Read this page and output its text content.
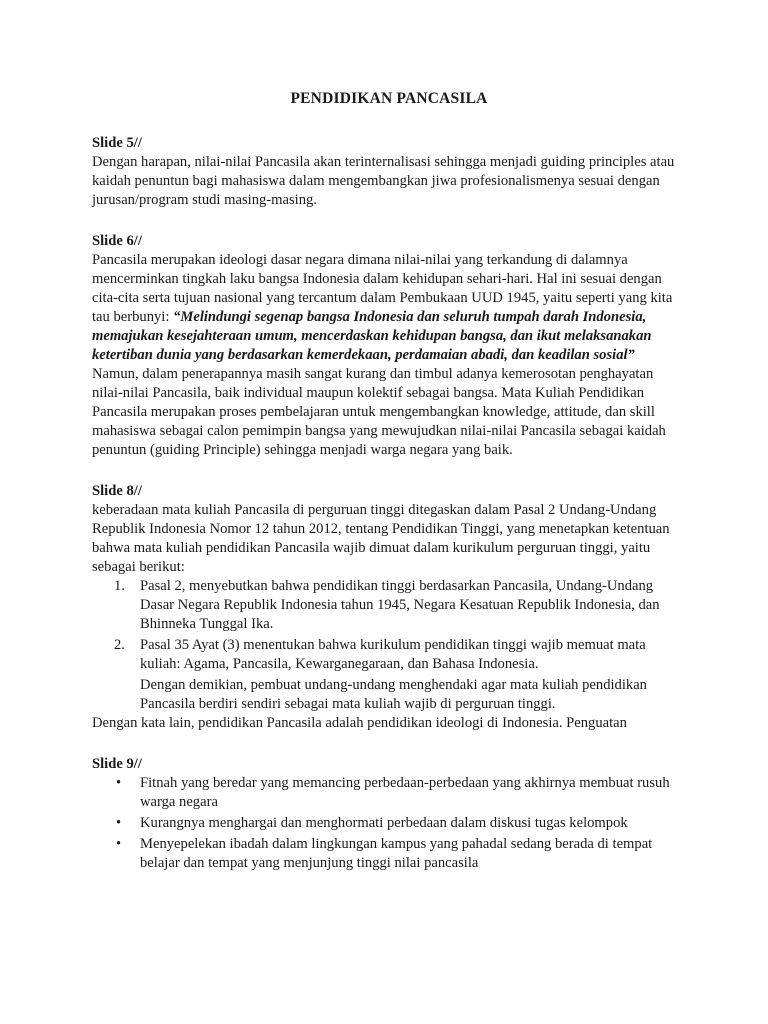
PENDIDIKAN PANCASILA

Slide 5//

Dengan harapan, nilai-nilai Pancasila akan terinternalisasi sehingga menjadi guiding principles atau kaidah penuntun bagi mahasiswa dalam mengembangkan jiwa profesionalismenya sesuai dengan jurusan/program studi masing-masing.

Slide 6//

Pancasila merupakan ideologi dasar negara dimana nilai-nilai yang terkandung di dalamnya mencerminkan tingkah laku bangsa Indonesia dalam kehidupan sehari-hari. Hal ini sesuai dengan cita-cita serta tujuan nasional yang tercantum dalam Pembukaan UUD 1945, yaitu seperti yang kita tau berbunyi: “Melindungi segenap bangsa Indonesia dan seluruh tumpah darah Indonesia, memajukan kesejahteraan umum, mencerdaskan kehidupan bangsa, dan ikut melaksanakan ketertiban dunia yang berdasarkan kemerdekaan, perdamaian abadi, dan keadilan sosial”

Namun, dalam penerapannya masih sangat kurang dan timbul adanya kemerosotan penghayatan nilai-nilai Pancasila, baik individual maupun kolektif sebagai bangsa. Mata Kuliah Pendidikan Pancasila merupakan proses pembelajaran untuk mengembangkan knowledge, attitude, dan skill mahasiswa sebagai calon pemimpin bangsa yang mewujudkan nilai-nilai Pancasila sebagai kaidah penuntun (guiding Principle) sehingga menjadi warga negara yang baik.

Slide 8//

keberadaan mata kuliah Pancasila di perguruan tinggi ditegaskan dalam Pasal 2 Undang-Undang Republik Indonesia Nomor 12 tahun 2012, tentang Pendidikan Tinggi, yang menetapkan ketentuan bahwa mata kuliah pendidikan Pancasila wajib dimuat dalam kurikulum perguruan tinggi, yaitu sebagai berikut:

1. Pasal 2, menyebutkan bahwa pendidikan tinggi berdasarkan Pancasila, Undang-Undang Dasar Negara Republik Indonesia tahun 1945, Negara Kesatuan Republik Indonesia, dan Bhinneka Tunggal Ika.
2. Pasal 35 Ayat (3) menentukan bahwa kurikulum pendidikan tinggi wajib memuat mata kuliah: Agama, Pancasila, Kewarganegaraan, dan Bahasa Indonesia.

Dengan demikian, pembuat undang-undang menghendaki agar mata kuliah pendidikan Pancasila berdiri sendiri sebagai mata kuliah wajib di perguruan tinggi.

Dengan kata lain, pendidikan Pancasila adalah pendidikan ideologi di Indonesia. Penguatan

Slide 9//

• Fitnah yang beredar yang memancing perbedaan-perbedaan yang akhirnya membuat rusuh warga negara
• Kurangnya menghargai dan menghormati perbedaan dalam diskusi tugas kelompok
• Menyepelekan ibadah dalam lingkungan kampus yang pahadal sedang berada di tempat belajar dan tempat yang menjunjung tinggi nilai pancasila
